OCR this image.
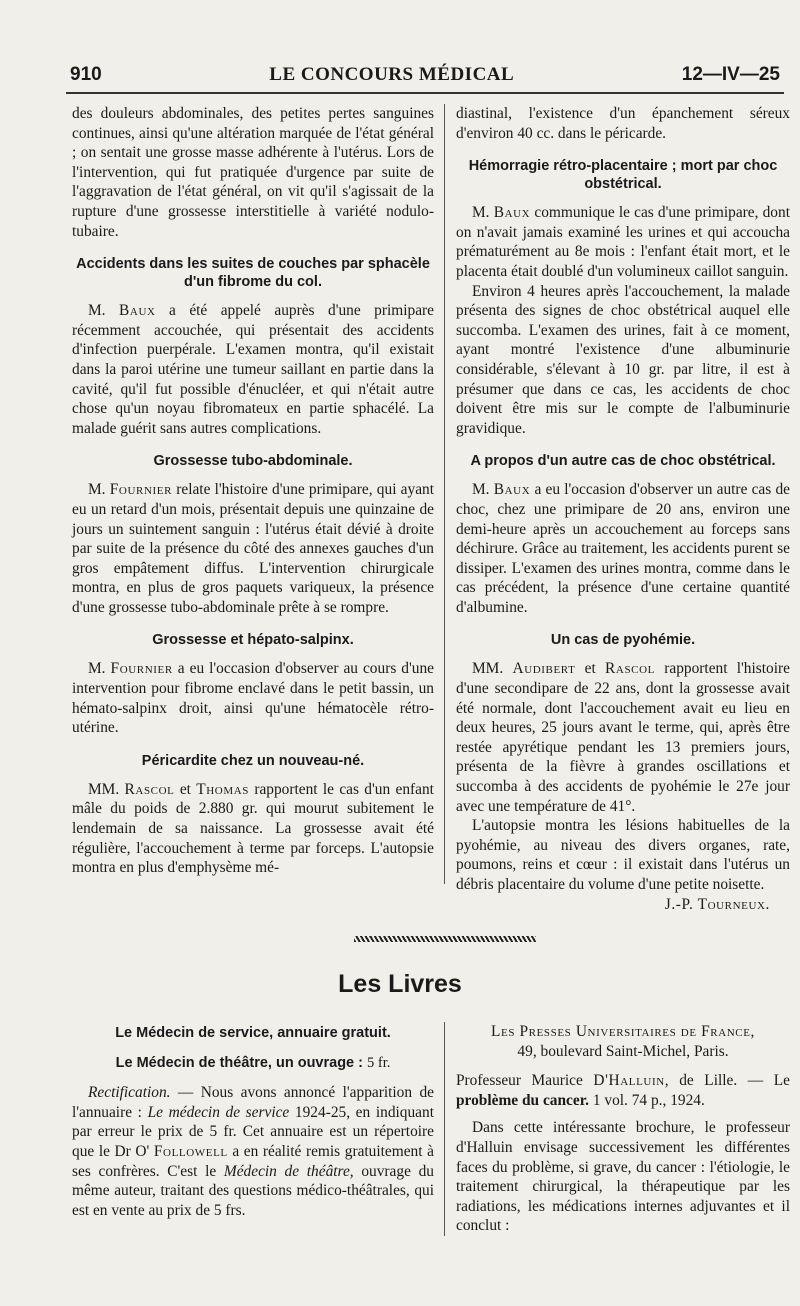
910	LE CONCOURS MÉDICAL	12—IV—25

des douleurs abdominales, des petites pertes sanguines continues, ainsi qu'une altération marquée de l'état général ; on sentait une grosse masse adhérente à l'utérus. Lors de l'intervention, qui fut pratiquée d'urgence par suite de l'aggravation de l'état général, on vit qu'il s'agissait de la rupture d'une grossesse interstitielle à variété nodulo-tubaire.

Accidents dans les suites de couches par sphacèle d'un fibrome du col.

M. Baux a été appelé auprès d'une primipare récemment accouchée, qui présentait des accidents d'infection puerpérale. L'examen montra, qu'il existait dans la paroi utérine une tumeur saillant en partie dans la cavité, qu'il fut possible d'énucléer, et qui n'était autre chose qu'un noyau fibromateux en partie sphacélé. La malade guérit sans autres complications.

Grossesse tubo-abdominale.

M. Fournier relate l'histoire d'une primipare, qui ayant eu un retard d'un mois, présentait depuis une quinzaine de jours un suintement sanguin : l'utérus était dévié à droite par suite de la présence du côté des annexes gauches d'un gros empâtement diffus. L'intervention chirurgicale montra, en plus de gros paquets variqueux, la présence d'une grossesse tubo-abdominale prête à se rompre.

Grossesse et hépato-salpinx.

M. Fournier a eu l'occasion d'observer au cours d'une intervention pour fibrome enclavé dans le petit bassin, un hémato-salpinx droit, ainsi qu'une hématocèle rétro-utérine.

Péricardite chez un nouveau-né.

MM. Rascol et Thomas rapportent le cas d'un enfant mâle du poids de 2.880 gr. qui mourut subitement le lendemain de sa naissance. La grossesse avait été régulière, l'accouchement à terme par forceps. L'autopsie montra en plus d'emphysème mé-

diastinal, l'existence d'un épanchement séreux d'environ 40 cc. dans le péricarde.

Hémorragie rétro-placentaire ; mort par choc obstétrical.

M. Baux communique le cas d'une primipare, dont on n'avait jamais examiné les urines et qui accoucha prématurément au 8e mois : l'enfant était mort, et le placenta était doublé d'un volumineux caillot sanguin.

Environ 4 heures après l'accouchement, la malade présenta des signes de choc obstétrical auquel elle succomba. L'examen des urines, fait à ce moment, ayant montré l'existence d'une albuminurie considérable, s'élevant à 10 gr. par litre, il est à présumer que dans ce cas, les accidents de choc doivent être mis sur le compte de l'albuminurie gravidique.

A propos d'un autre cas de choc obstétrical.

M. Baux a eu l'occasion d'observer un autre cas de choc, chez une primipare de 20 ans, environ une demi-heure après un accouchement au forceps sans déchirure. Grâce au traitement, les accidents purent se dissiper. L'examen des urines montra, comme dans le cas précédent, la présence d'une certaine quantité d'albumine.

Un cas de pyohémie.

MM. Audibert et Rascol rapportent l'histoire d'une secondipare de 22 ans, dont la grossesse avait été normale, dont l'accouchement avait eu lieu en deux heures, 25 jours avant le terme, qui, après être restée apyrétique pendant les 13 premiers jours, présenta de la fièvre à grandes oscillations et succomba à des accidents de pyohémie le 27e jour avec une température de 41°.

L'autopsie montra les lésions habituelles de la pyohémie, au niveau des divers organes, rate, poumons, reins et cœur : il existait dans l'utérus un débris placentaire du volume d'une petite noisette.

J.-P. Tourneux.

Les Livres
Le Médecin de service, annuaire gratuit.
Le Médecin de théâtre, un ouvrage : 5 fr.

Rectification. — Nous avons annoncé l'apparition de l'annuaire : Le médecin de service 1924-25, en indiquant par erreur le prix de 5 fr. Cet annuaire est un répertoire que le Dr O' Followell a en réalité remis gratuitement à ses confrères. C'est le Médecin de théâtre, ouvrage du même auteur, traitant des questions médico-théâtrales, qui est en vente au prix de 5 frs.

Les Presses Universitaires de France,

49, boulevard Saint-Michel, Paris.

Professeur Maurice D'Halluin, de Lille. — Le problème du cancer. 1 vol. 74 p., 1924.

Dans cette intéressante brochure, le professeur d'Halluin envisage successivement les différentes faces du problème, si grave, du cancer : l'étiologie, le traitement chirurgical, la thérapeutique par les radiations, les médications internes adjuvantes et il conclut :
